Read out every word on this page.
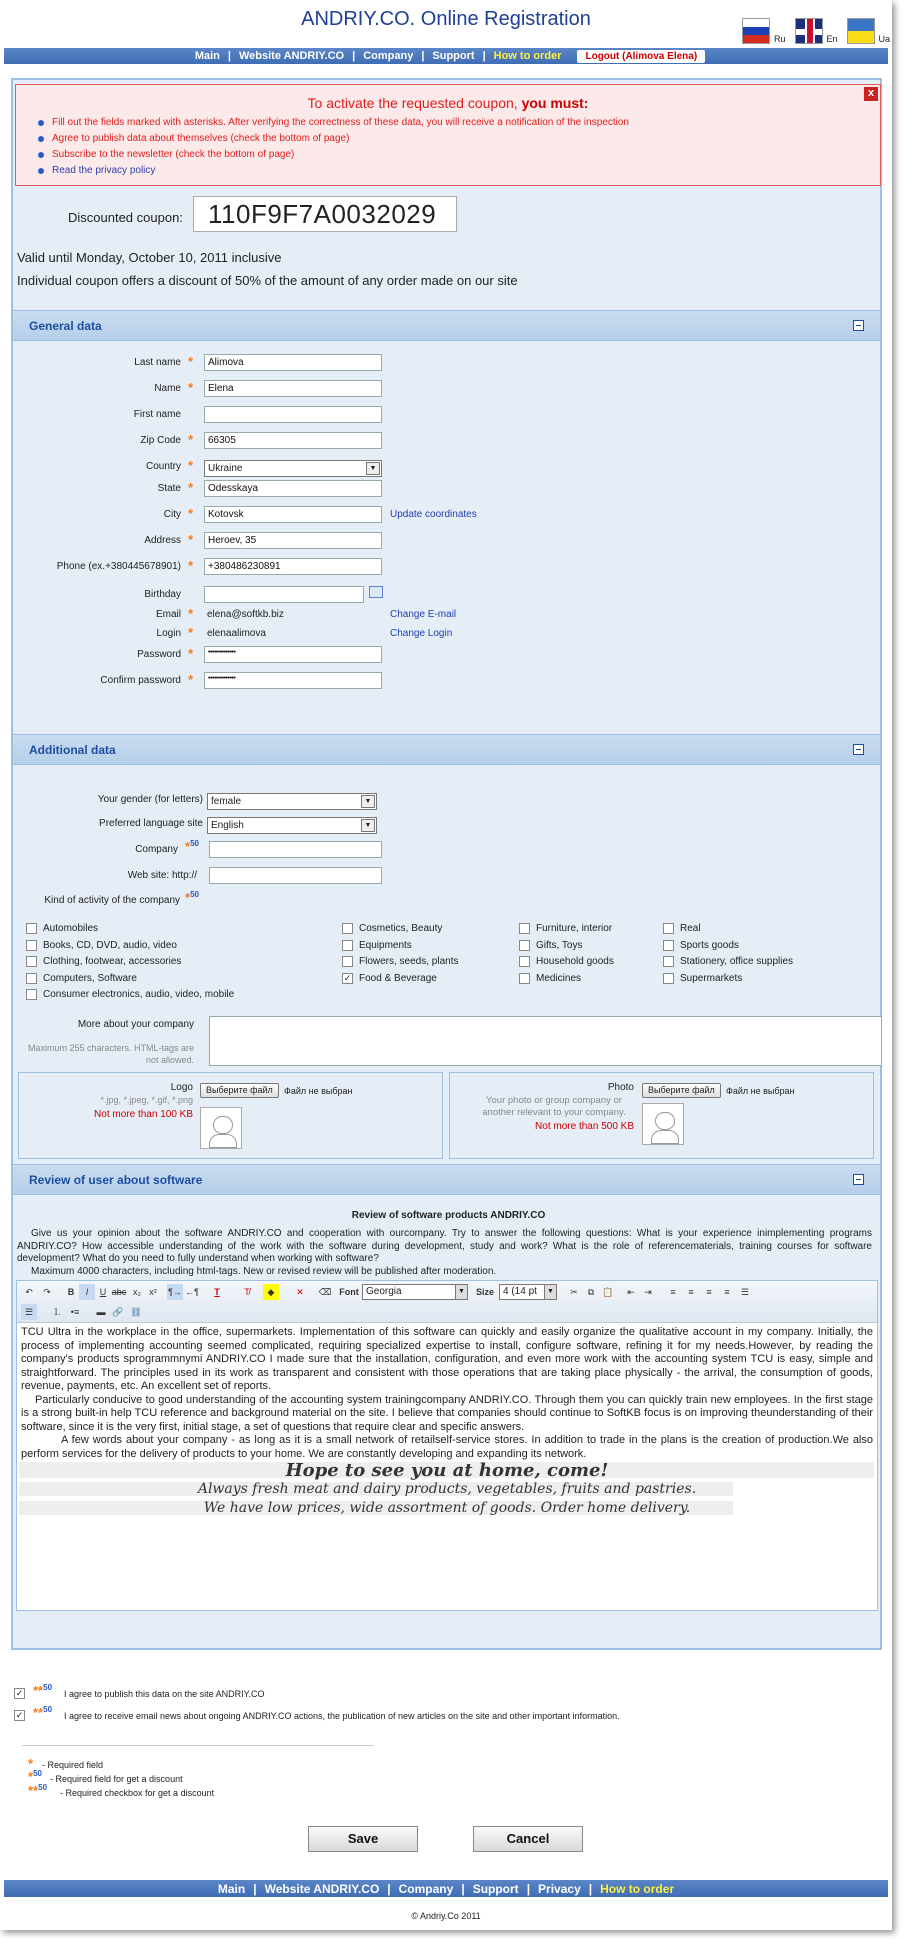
ANDRIY.CO. Online Registration
Ru	En	Ua
Main | Website ANDRIY.CO | Company | Support | How to order	Logout (Alimova Elena)
To activate the requested coupon, you must:
Fill out the fields marked with asterisks. After verifying the correctness of these data, you will receive a notification of the inspection
Agree to publish data about themselves (check the bottom of page)
Subscribe to the newsletter (check the bottom of page)
Read the privacy policy
x
Discounted coupon: 110F9F7A0032029
Valid until Monday, October 10, 2011 inclusive
Individual coupon offers a discount of 50% of the amount of any order made on our site
General data
Last name *	Alimova
Name *	Elena
First name
Zip Code *	66305
Country *	Ukraine	▼
State *	Odesskaya
City *	Kotovsk	Update coordinates
Address *	Heroev, 35
Phone (ex.+380445678901) *	+380486230891
Birthday
Email * elena@softkb.biz	Change E-mail
Login * elenaalimova	Change Login
Password *	••••••••••••••
Confirm password *	••••••••••••••
Additional data
Your gender (for letters) female	▼
Preferred language site English	▼
Company *$^{50}$
Web site: http://
Kind of activity of the company *$^{50}$
Automobiles
Books, CD, DVD, audio, video
Clothing, footwear, accessories
Computers, Software
Consumer electronics, audio, video, mobile
Cosmetics, Beauty
Equipments
Flowers, seeds, plants
✓ Food & Beverage
Furniture, interior
Gifts, Toys
Household goods
Medicines
Real
Sports goods
Stationery, office supplies
Supermarkets
More about your company
Maximum 255 characters. HTML-tags are not allowed.
Logo
*.jpg, *.jpeg, *.gif, *.png
Not more than 100 KB
Выберите файл	Файл не выбран	Photo
Your photo or group company or another relevant to your company.
Not more than 500 KB
Выберите файл	Файл не выбран
Review of user about software
Review of software products ANDRIY.CO
Give us your opinion about the software ANDRIY.CO and cooperation with ourcompany. Try to answer the following questions: What is your experience inimplementing programs ANDRIY.CO? How accessible understanding of the work with the software during development, study and work? What is the role of referencematerials, training courses for software development? What do you need to fully understand when working with software?
Maximum 4000 characters, including html-tags. New or revised review will be published after moderation.
↶	↷	B	I	U abc x₂ x²	¶→ ←¶	T	T̸	◆	✕	⌫ Font Georgia	▼	Size 4 (14 pt	▼	✂	⧉ 📋	⇤	⇥	≡	≡	≡	≡	☰
☰	⒈	•≡	▬ 🔗 ⛓

TCU Ultra in the workplace in the office, supermarkets. Implementation of this software can quickly and easily organize the qualitative account in my company. Initially, the process of implementing accounting seemed complicated, requiring specialized expertise to install, configure software, refining it for my needs.However, by reading the company's products sprogrammnymi ANDRIY.CO I made sure that the installation, configuration, and even more work with the accounting system TCU is easy, simple and straightforward. The principles used in its work as transparent and consistent with those operations that are taking place physically - the arrival, the consumption of goods, revenue, payments, etc. An excellent set of reports.

Particularly conducive to good understanding of the accounting system trainingcompany ANDRIY.CO. Through them you can quickly train new employees. In the first stage is a strong built-in help TCU reference and background material on the site. I believe that companies should continue to SoftKB focus is on improving theunderstanding of their software, since it is the very first, initial stage, a set of questions that require clear and specific answers.

A few words about your company - as long as it is a small network of retailself-service stores. In addition to trade in the plans is the creation of production.We also perform services for the delivery of products to your home. We are constantly developing and expanding its network.

Hope to see you at home, come!
Always fresh meat and dairy products, vegetables, fruits and pastries.
We have low prices, wide assortment of goods. Order home delivery.
✓ **$^{50}$
I agree to publish this data on the site ANDRIY.CO
✓ **$^{50}$
I agree to receive email news about ongoing ANDRIY.CO actions, the publication of new articles on the site and other important information.
* - Required field
*$^{50}$
- Required field for get a discount
**$^{50}$
- Required checkbox for get a discount
Save	Cancel
Main | Website ANDRIY.CO | Company | Support | Privacy | How to order
© Andriy.Co 2011
